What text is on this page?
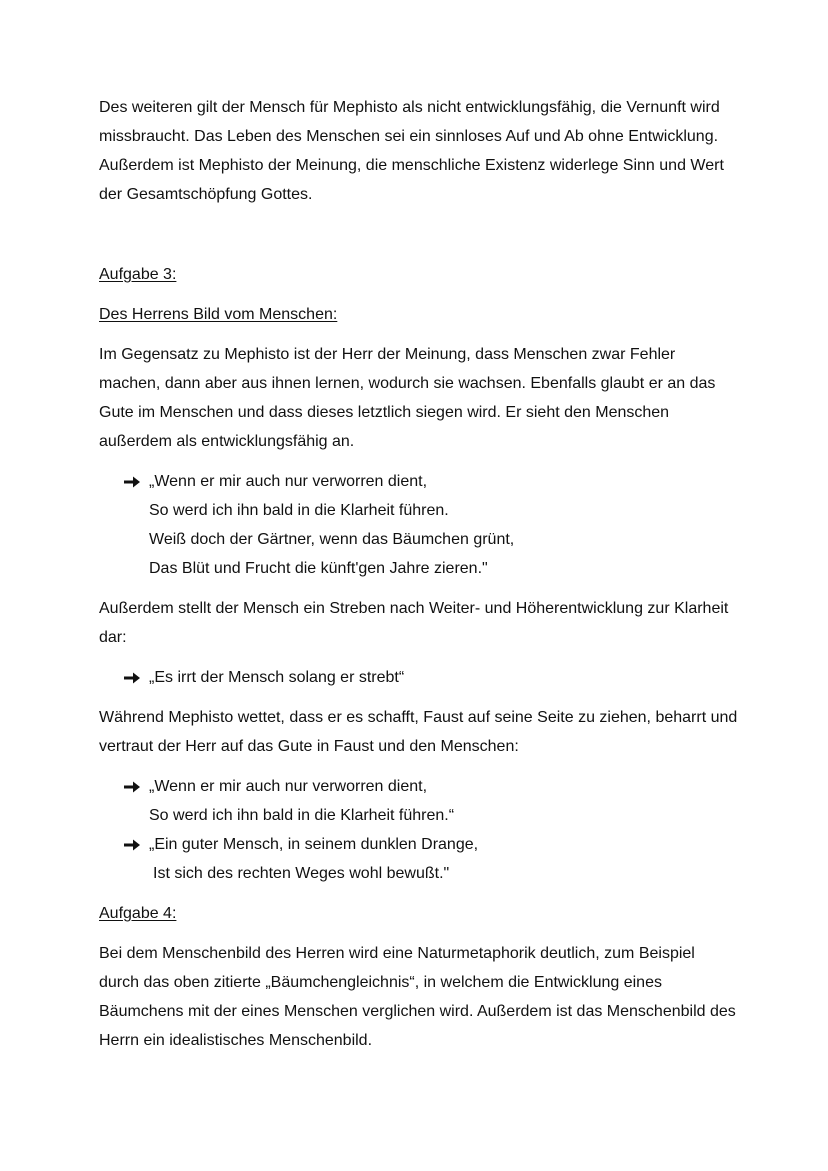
Des weiteren gilt der Mensch für Mephisto als nicht entwicklungsfähig, die Vernunft wird missbraucht. Das Leben des Menschen sei ein sinnloses Auf und Ab ohne Entwicklung. Außerdem ist Mephisto der Meinung, die menschliche Existenz widerlege Sinn und Wert der Gesamtschöpfung Gottes.

Aufgabe 3:

Des Herrens Bild vom Menschen:

Im Gegensatz zu Mephisto ist der Herr der Meinung, dass Menschen zwar Fehler machen, dann aber aus ihnen lernen, wodurch sie wachsen. Ebenfalls glaubt er an das Gute im Menschen und dass dieses letztlich siegen wird. Er sieht den Menschen außerdem als entwicklungsfähig an.

„Wenn er mir auch nur verworren dient,
So werd ich ihn bald in die Klarheit führen.
Weiß doch der Gärtner, wenn das Bäumchen grünt,
Das Blüt und Frucht die künft'gen Jahre zieren."

Außerdem stellt der Mensch ein Streben nach Weiter- und Höherentwicklung zur Klarheit dar:

„Es irrt der Mensch solang er strebt“

Während Mephisto wettet, dass er es schafft, Faust auf seine Seite zu ziehen, beharrt und vertraut der Herr auf das Gute in Faust und den Menschen:

„Wenn er mir auch nur verworren dient,
So werd ich ihn bald in die Klarheit führen.“
„Ein guter Mensch, in seinem dunklen Drange,
Ist sich des rechten Weges wohl bewußt."

Aufgabe 4:

Bei dem Menschenbild des Herren wird eine Naturmetaphorik deutlich, zum Beispiel durch das oben zitierte „Bäumchengleichnis“, in welchem die Entwicklung eines Bäumchens mit der eines Menschen verglichen wird. Außerdem ist das Menschenbild des Herrn ein idealistisches Menschenbild.
